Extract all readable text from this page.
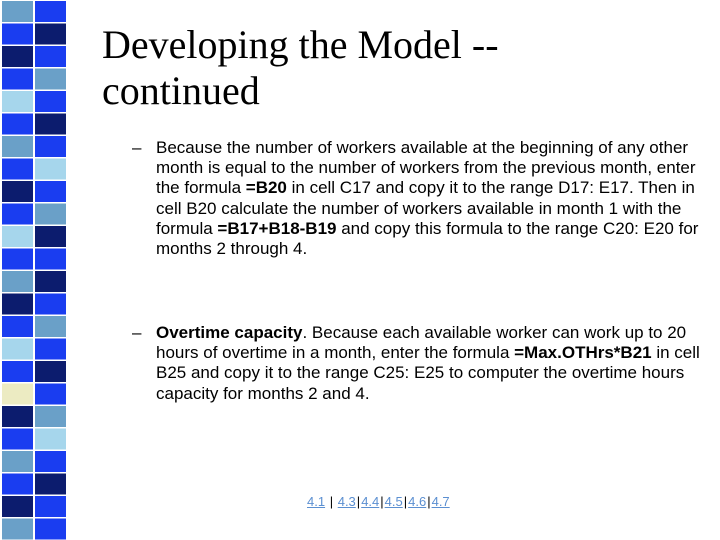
Developing the Model --
continued
– Because the number of workers available at the beginning of any other month is equal to the number of workers from the previous month, enter the formula =B20 in cell C17 and copy it to the range D17: E17. Then in cell B20 calculate the number of workers available in month 1 with the formula =B17+B18-B19 and copy this formula to the range C20: E20 for months 2 through 4.
– Overtime capacity. Because each available worker can work up to 20 hours of overtime in a month, enter the formula =Max.OTHrs*B21 in cell B25 and copy it to the range C25: E25 to computer the overtime hours capacity for months 2 and 4.
4.1 | 4.3|4.4|4.5|4.6|4.7
